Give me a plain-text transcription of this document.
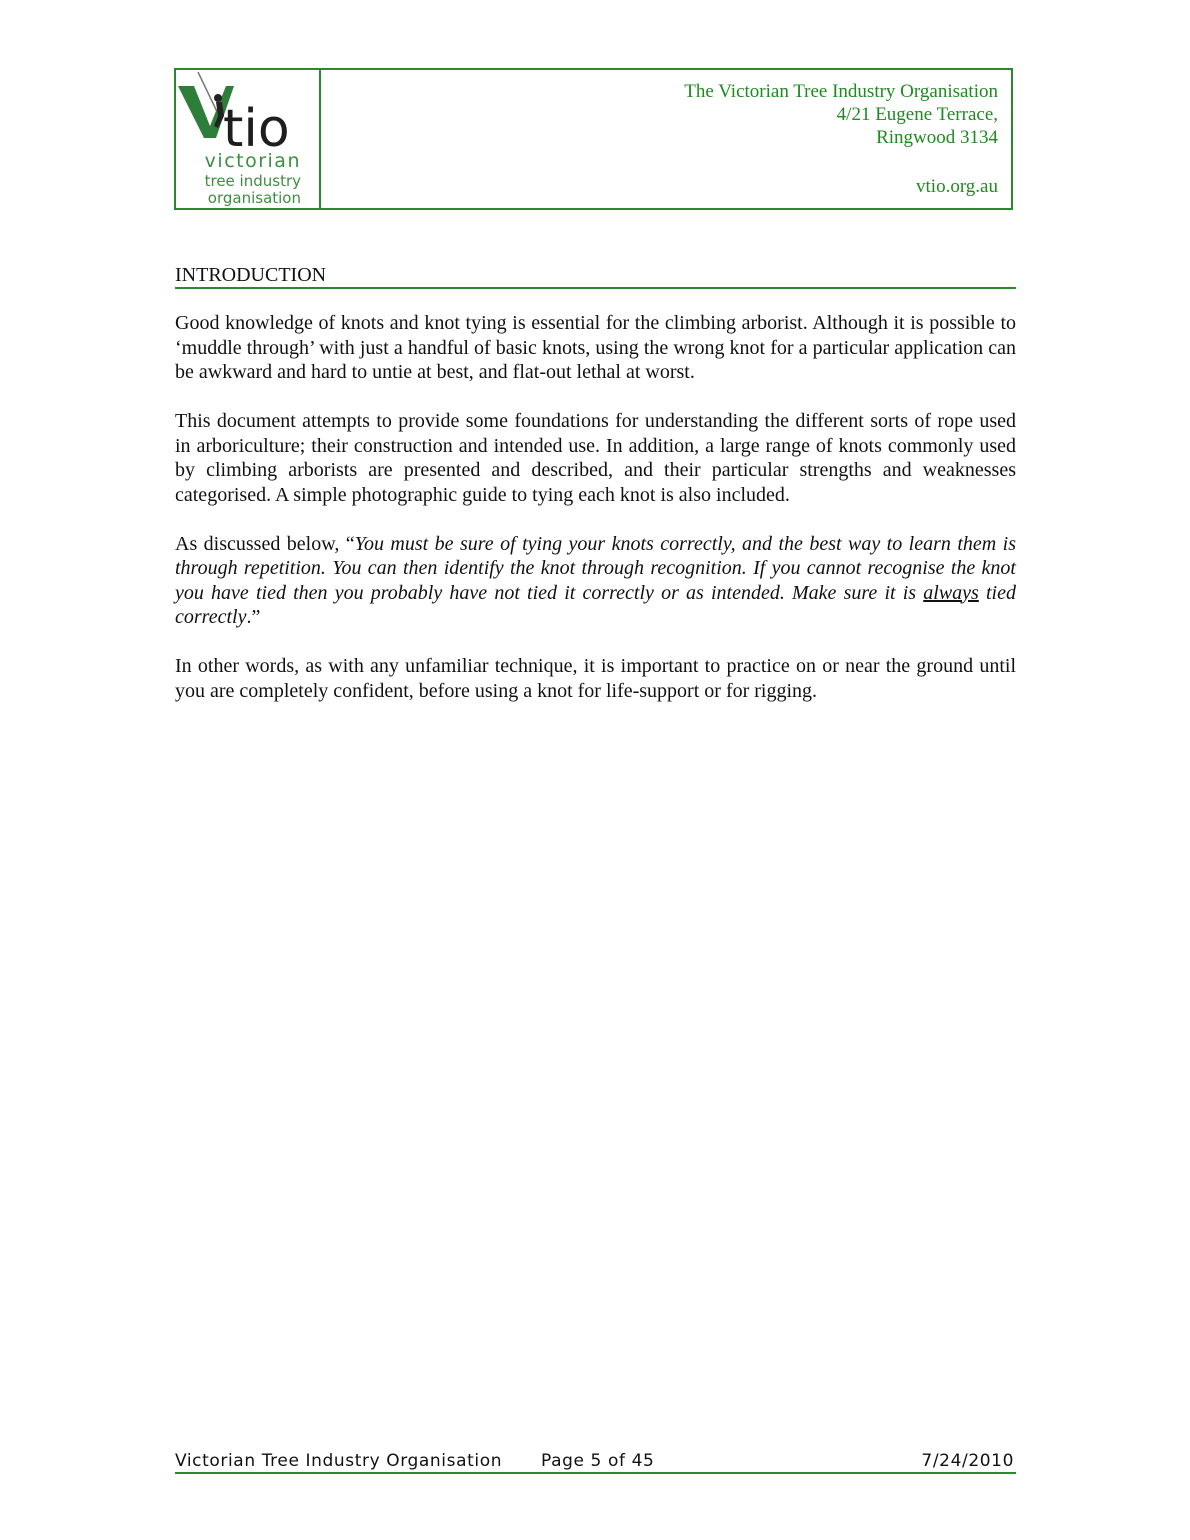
tio
victorian
tree industry
organisation
The Victorian Tree Industry Organisation
4/21 Eugene Terrace,
Ringwood 3134
vtio.org.au
INTRODUCTION

Good knowledge of knots and knot tying is essential for the climbing arborist. Although it is possible to ‘muddle through’ with just a handful of basic knots, using the wrong knot for a particular application can be awkward and hard to untie at best, and flat-out lethal at worst.

This document attempts to provide some foundations for understanding the different sorts of rope used in arboriculture; their construction and intended use. In addition, a large range of knots commonly used by climbing arborists are presented and described, and their particular strengths and weaknesses categorised. A simple photographic guide to tying each knot is also included.

As discussed below, “You must be sure of tying your knots correctly, and the best way to learn them is through repetition. You can then identify the knot through recognition. If you cannot recognise the knot you have tied then you probably have not tied it correctly or as intended. Make sure it is always tied correctly.”

In other words, as with any unfamiliar technique, it is important to practice on or near the ground until you are completely confident, before using a knot for life-support or for rigging.

Victorian Tree Industry Organisation Page 5 of 45	7/24/2010
